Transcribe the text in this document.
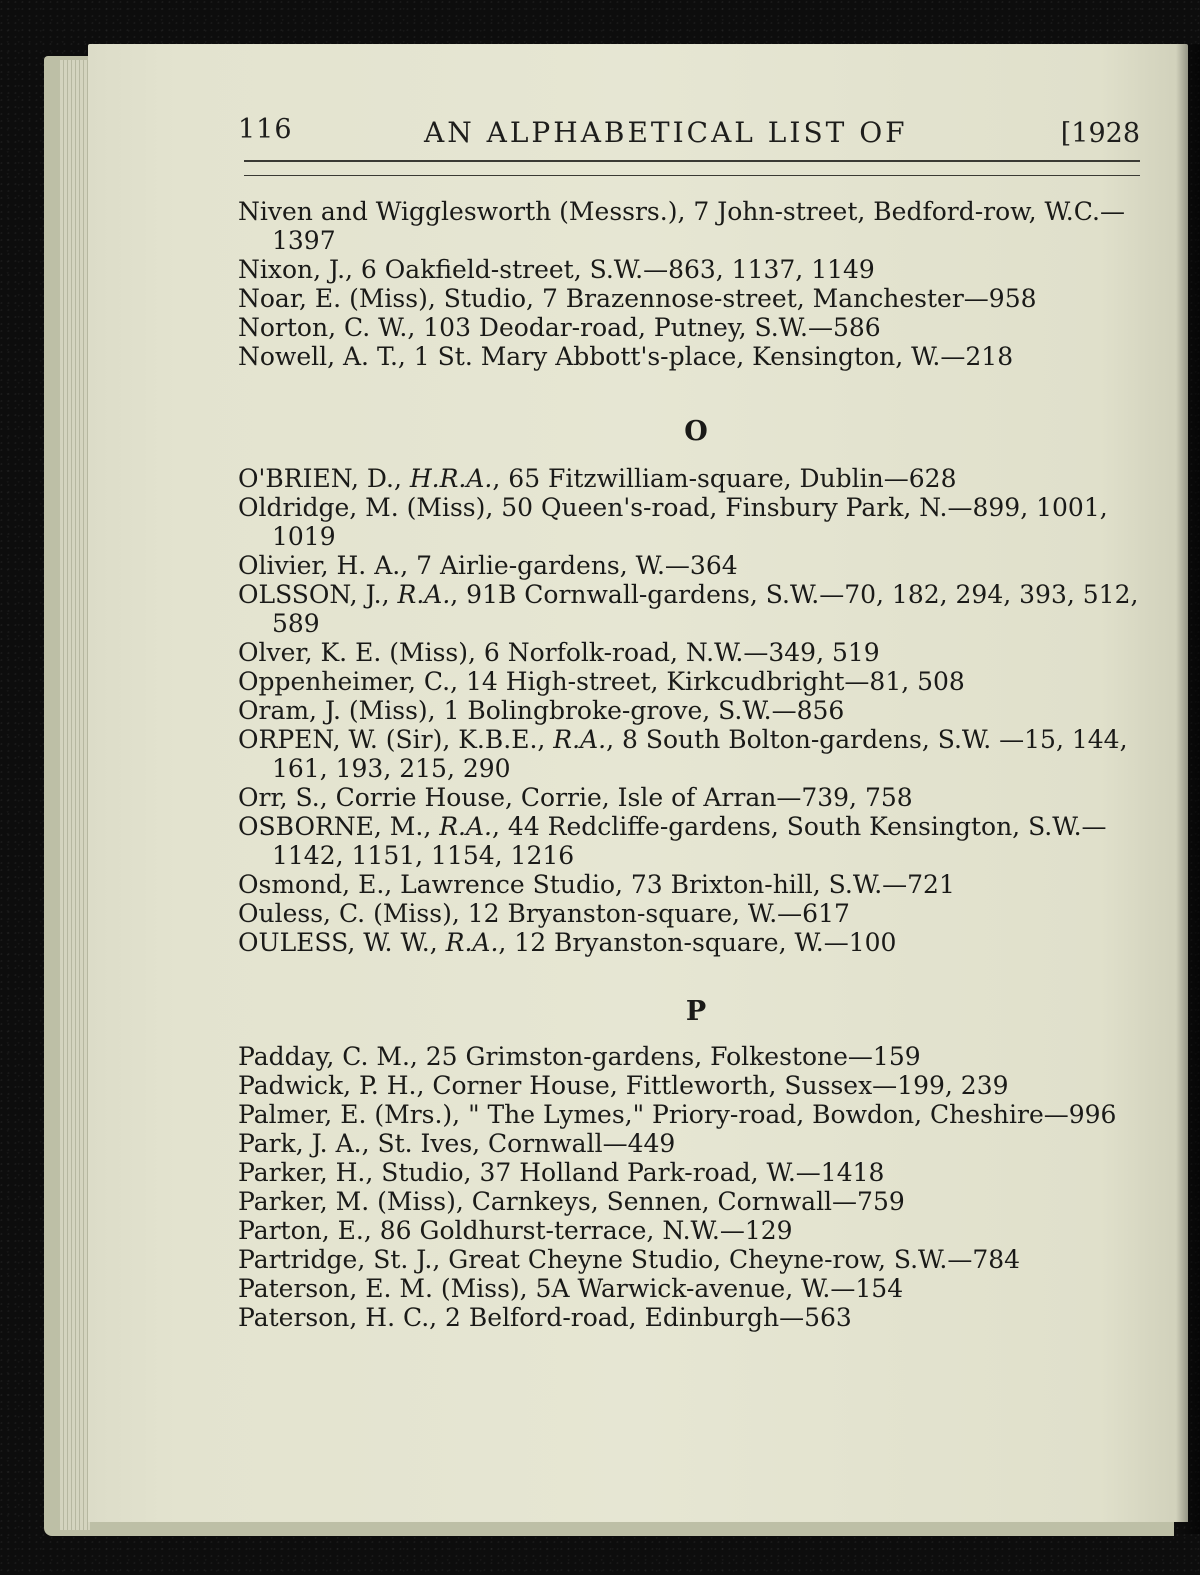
116	AN ALPHABETICAL LIST OF	[1928

Niven and Wigglesworth (Messrs.), 7 John-street, Bedford-row, W.C.—1397

Nixon, J., 6 Oakfield-street, S.W.—863, 1137, 1149

Noar, E. (Miss), Studio, 7 Brazennose-street, Manchester—958

Norton, C. W., 103 Deodar-road, Putney, S.W.—586

Nowell, A. T., 1 St. Mary Abbott's-place, Kensington, W.—218

O

O'BRIEN, D., H.R.A., 65 Fitzwilliam-square, Dublin—628

Oldridge, M. (Miss), 50 Queen's-road, Finsbury Park, N.—899, 1001, 1019

Olivier, H. A., 7 Airlie-gardens, W.—364

OLSSON, J., R.A., 91B Cornwall-gardens, S.W.—70, 182, 294, 393, 512, 589

Olver, K. E. (Miss), 6 Norfolk-road, N.W.—349, 519

Oppenheimer, C., 14 High-street, Kirkcudbright—81, 508

Oram, J. (Miss), 1 Bolingbroke-grove, S.W.—856

ORPEN, W. (Sir), K.B.E., R.A., 8 South Bolton-gardens, S.W. —15, 144, 161, 193, 215, 290

Orr, S., Corrie House, Corrie, Isle of Arran—739, 758

OSBORNE, M., R.A., 44 Redcliffe-gardens, South Kensington, S.W.—1142, 1151, 1154, 1216

Osmond, E., Lawrence Studio, 73 Brixton-hill, S.W.—721

Ouless, C. (Miss), 12 Bryanston-square, W.—617

OULESS, W. W., R.A., 12 Bryanston-square, W.—100

P

Padday, C. M., 25 Grimston-gardens, Folkestone—159

Padwick, P. H., Corner House, Fittleworth, Sussex—199, 239

Palmer, E. (Mrs.), " The Lymes," Priory-road, Bowdon, Cheshire—996

Park, J. A., St. Ives, Cornwall—449

Parker, H., Studio, 37 Holland Park-road, W.—1418

Parker, M. (Miss), Carnkeys, Sennen, Cornwall—759

Parton, E., 86 Goldhurst-terrace, N.W.—129

Partridge, St. J., Great Cheyne Studio, Cheyne-row, S.W.—784

Paterson, E. M. (Miss), 5A Warwick-avenue, W.—154

Paterson, H. C., 2 Belford-road, Edinburgh—563
